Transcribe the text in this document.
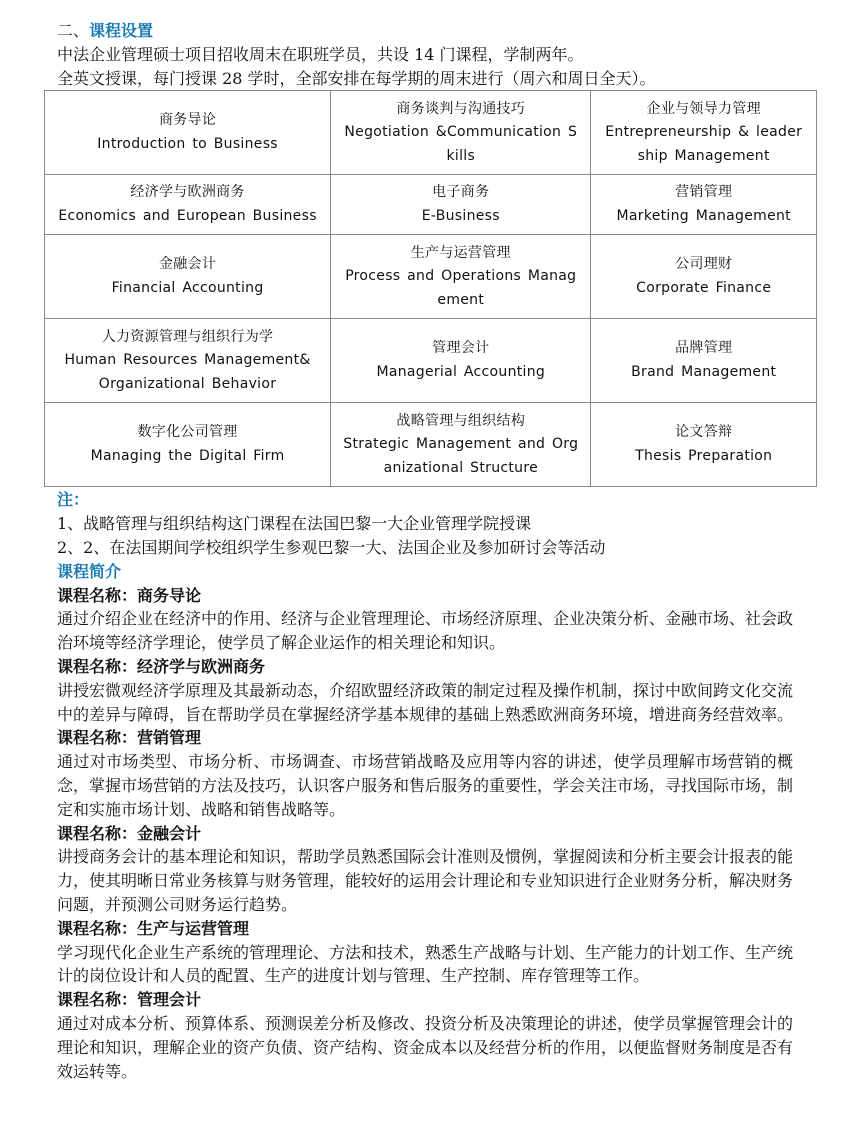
二、课程设置

中法企业管理硕士项目招收周末在职班学员，共设 14 门课程，学制两年。

全英文授课，每门授课 28 学时，全部安排在每学期的周末进行（周六和周日全天）。

商务导论
Introduction to Business	商务谈判与沟通技巧
Negotiation &Communication S
kills	企业与领导力管理
Entrepreneurship & leader
ship Management

经济学与欧洲商务
Economics and European Business	电子商务
E-Business	营销管理
Marketing Management

金融会计
Financial Accounting	生产与运营管理
Process and Operations Manag
ement	公司理财
Corporate Finance

人力资源管理与组织行为学
Human Resources Management&
Organizational Behavior	管理会计
Managerial Accounting	品牌管理
Brand Management

数字化公司管理
Managing the Digital Firm	战略管理与组织结构
Strategic Management and Org
anizational Structure	论文答辩
Thesis Preparation
注：

1、战略管理与组织结构这门课程在法国巴黎一大企业管理学院授课

2、2、在法国期间学校组织学生参观巴黎一大、法国企业及参加研讨会等活动

课程简介
课程名称：商务导论

通过介绍企业在经济中的作用、经济与企业管理理论、市场经济原理、企业决策分析、金融市场、社会政治环境等经济学理论，使学员了解企业运作的相关理论和知识。

课程名称：经济学与欧洲商务

讲授宏微观经济学原理及其最新动态，介绍欧盟经济政策的制定过程及操作机制，探讨中欧间跨文化交流中的差异与障碍，旨在帮助学员在掌握经济学基本规律的基础上熟悉欧洲商务环境，增进商务经营效率。

课程名称：营销管理

通过对市场类型、市场分析、市场调查、市场营销战略及应用等内容的讲述，使学员理解市场营销的概念，掌握市场营销的方法及技巧，认识客户服务和售后服务的重要性，学会关注市场，寻找国际市场，制定和实施市场计划、战略和销售战略等。

课程名称：金融会计

讲授商务会计的基本理论和知识，帮助学员熟悉国际会计准则及惯例，掌握阅读和分析主要会计报表的能力，使其明晰日常业务核算与财务管理，能较好的运用会计理论和专业知识进行企业财务分析，解决财务问题，并预测公司财务运行趋势。

课程名称：生产与运营管理

学习现代化企业生产系统的管理理论、方法和技术，熟悉生产战略与计划、生产能力的计划工作、生产统计的岗位设计和人员的配置、生产的进度计划与管理、生产控制、库存管理等工作。

课程名称：管理会计

通过对成本分析、预算体系、预测误差分析及修改、投资分析及决策理论的讲述，使学员掌握管理会计的理论和知识，理解企业的资产负债、资产结构、资金成本以及经营分析的作用，以便监督财务制度是否有效运转等。
